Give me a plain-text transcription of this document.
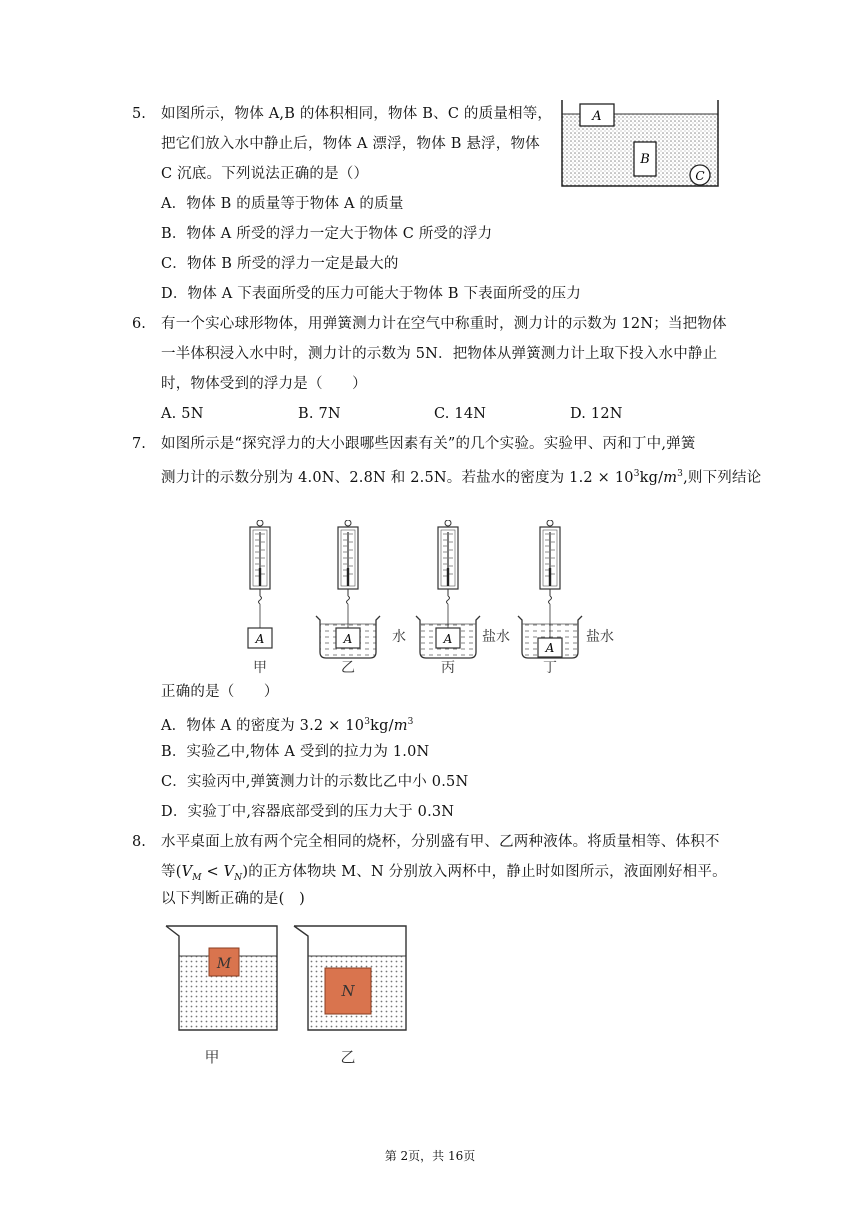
5. 如图所示，物体 A,B 的体积相同，物体 B、C 的质量相等，
把它们放入水中静止后，物体 A 漂浮，物体 B 悬浮，物体
C 沉底。下列说法正确的是（）
A．物体 B 的质量等于物体 A 的质量
B．物体 A 所受的浮力一定大于物体 C 所受的浮力
C．物体 B 所受的浮力一定是最大的
D．物体 A 下表面所受的压力可能大于物体 B 下表面所受的压力
A
B
C
6. 有一个实心球形物体，用弹簧测力计在空气中称重时，测力计的示数为 12N；当把物体
一半体积浸入水中时，测力计的示数为 5N．把物体从弹簧测力计上取下投入水中静止
时，物体受到的浮力是（　　）
A. 5N	B. 7N	C. 14N	D. 12N
7. 如图所示是“探究浮力的大小跟哪些因素有关”的几个实验。实验甲、丙和丁中,弹簧
测力计的示数分别为 4.0N、2.8N 和 2.5N。若盐水的密度为 $1.2 \times 10^3kg/m^3$,则下列结论
A
甲
A	水
乙
A 盐水
丙
A
盐水
丁
正确的是（　　）
A．物体 A 的密度为 $3.2 \times 10^3kg/m^3$
B．实验乙中,物体 A 受到的拉力为 1.0N
C．实验丙中,弹簧测力计的示数比乙中小 0.5N
D．实验丁中,容器底部受到的压力大于 0.3N
8. 水平桌面上放有两个完全相同的烧杯，分别盛有甲、乙两种液体。将质量相等、体积不
等$(V_M < V_N)$的正方体物块 M、N 分别放入两杯中，静止时如图所示，液面刚好相平。
以下判断正确的是(　)
M
甲
N
乙
第 2页，共 16页
